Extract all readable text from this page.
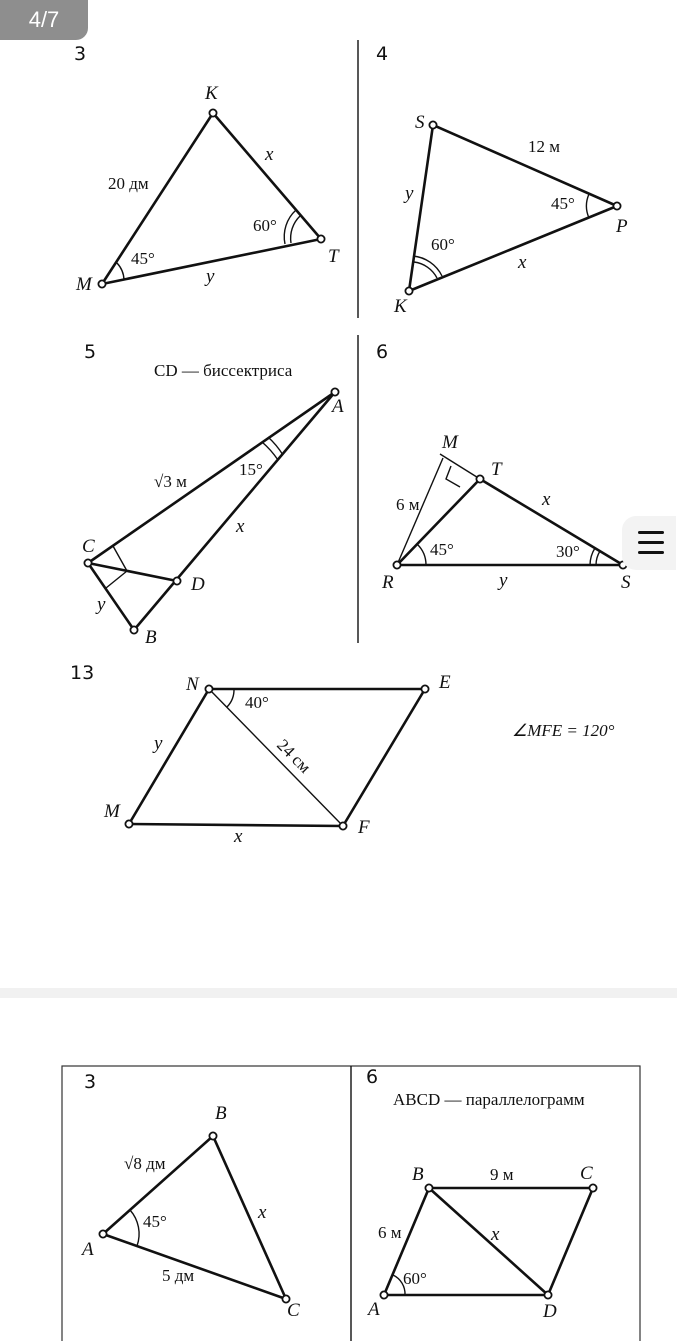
3
K
M
T
20 дм
x
y
45°
60°
4
S
P
K
12 м
y
x
45°
60°
5
CD — биссектриса
A
C
D
B
√3 м
x
y
15°
6
M
T
R	S
6 м	x
y
45°	30°
13
N	E
M
F
y	24 см
x
40°
∠MFE = 120°
3
B
A
C
√8 дм
5 дм
x
45°
6
ABCD — параллелограмм
B	C
A	D
9 м
6 м	x
60°
4/7
